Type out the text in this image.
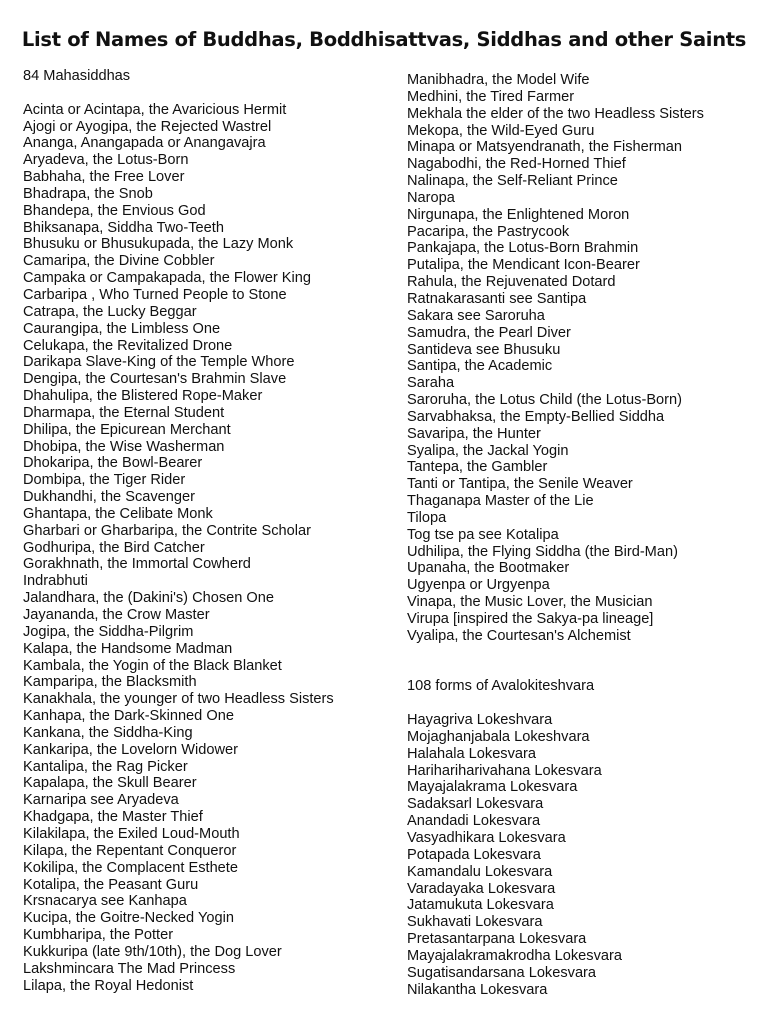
List of Names of Buddhas, Boddhisattvas, Siddhas and other Saints
84 Mahasiddhas
Acinta or Acintapa, the Avaricious Hermit
Ajogi or Ayogipa, the Rejected Wastrel
Ananga, Anangapada or Anangavajra
Aryadeva, the Lotus-Born
Babhaha, the Free Lover
Bhadrapa, the Snob
Bhandepa, the Envious God
Bhiksanapa, Siddha Two-Teeth
Bhusuku or Bhusukupada, the Lazy Monk
Camaripa, the Divine Cobbler
Campaka or Campakapada, the Flower King
Carbaripa , Who Turned People to Stone
Catrapa, the Lucky Beggar
Caurangipa, the Limbless One
Celukapa, the Revitalized Drone
Darikapa Slave-King of the Temple Whore
Dengipa, the Courtesan's Brahmin Slave
Dhahulipa, the Blistered Rope-Maker
Dharmapa, the Eternal Student
Dhilipa, the Epicurean Merchant
Dhobipa, the Wise Washerman
Dhokaripa, the Bowl-Bearer
Dombipa, the Tiger Rider
Dukhandhi, the Scavenger
Ghantapa, the Celibate Monk
Gharbari or Gharbaripa, the Contrite Scholar
Godhuripa, the Bird Catcher
Gorakhnath, the Immortal Cowherd
Indrabhuti
Jalandhara, the (Dakini's) Chosen One
Jayananda, the Crow Master
Jogipa, the Siddha-Pilgrim
Kalapa, the Handsome Madman
Kambala, the Yogin of the Black Blanket
Kamparipa, the Blacksmith
Kanakhala, the younger of two Headless Sisters
Kanhapa, the Dark-Skinned One
Kankana, the Siddha-King
Kankaripa, the Lovelorn Widower
Kantalipa, the Rag Picker
Kapalapa, the Skull Bearer
Karnaripa see Aryadeva
Khadgapa, the Master Thief
Kilakilapa, the Exiled Loud-Mouth
Kilapa, the Repentant Conqueror
Kokilipa, the Complacent Esthete
Kotalipa, the Peasant Guru
Krsnacarya see Kanhapa
Kucipa, the Goitre-Necked Yogin
Kumbharipa, the Potter
Kukkuripa (late 9th/10th), the Dog Lover
Lakshmincara The Mad Princess
Lilapa, the Royal Hedonist
Manibhadra, the Model Wife
Medhini, the Tired Farmer
Mekhala the elder of the two Headless Sisters
Mekopa, the Wild-Eyed Guru
Minapa or Matsyendranath, the Fisherman
Nagabodhi, the Red-Horned Thief
Nalinapa, the Self-Reliant Prince
Naropa
Nirgunapa, the Enlightened Moron
Pacaripa, the Pastrycook
Pankajapa, the Lotus-Born Brahmin
Putalipa, the Mendicant Icon-Bearer
Rahula, the Rejuvenated Dotard
Ratnakarasanti see Santipa
Sakara see Saroruha
Samudra, the Pearl Diver
Santideva see Bhusuku
Santipa, the Academic
Saraha
Saroruha, the Lotus Child (the Lotus-Born)
Sarvabhaksa, the Empty-Bellied Siddha
Savaripa, the Hunter
Syalipa, the Jackal Yogin
Tantepa, the Gambler
Tanti or Tantipa, the Senile Weaver
Thaganapa Master of the Lie
Tilopa
Tog tse pa see Kotalipa
Udhilipa, the Flying Siddha (the Bird-Man)
Upanaha, the Bootmaker
Ugyenpa or Urgyenpa
Vinapa, the Music Lover, the Musician
Virupa [inspired the Sakya-pa lineage]
Vyalipa, the Courtesan's Alchemist
108 forms of Avalokiteshvara
Hayagriva Lokeshvara
Mojaghanjabala Lokeshvara
Halahala Lokesvara
Harihariharivahana Lokesvara
Mayajalakrama Lokesvara
Sadaksarl Lokesvara
Anandadi Lokesvara
Vasyadhikara Lokesvara
Potapada Lokesvara
Kamandalu Lokesvara
Varadayaka Lokesvara
Jatamukuta Lokesvara
Sukhavati Lokesvara
Pretasantarpana Lokesvara
Mayajalakramakrodha Lokesvara
Sugatisandarsana Lokesvara
Nilakantha Lokesvara
